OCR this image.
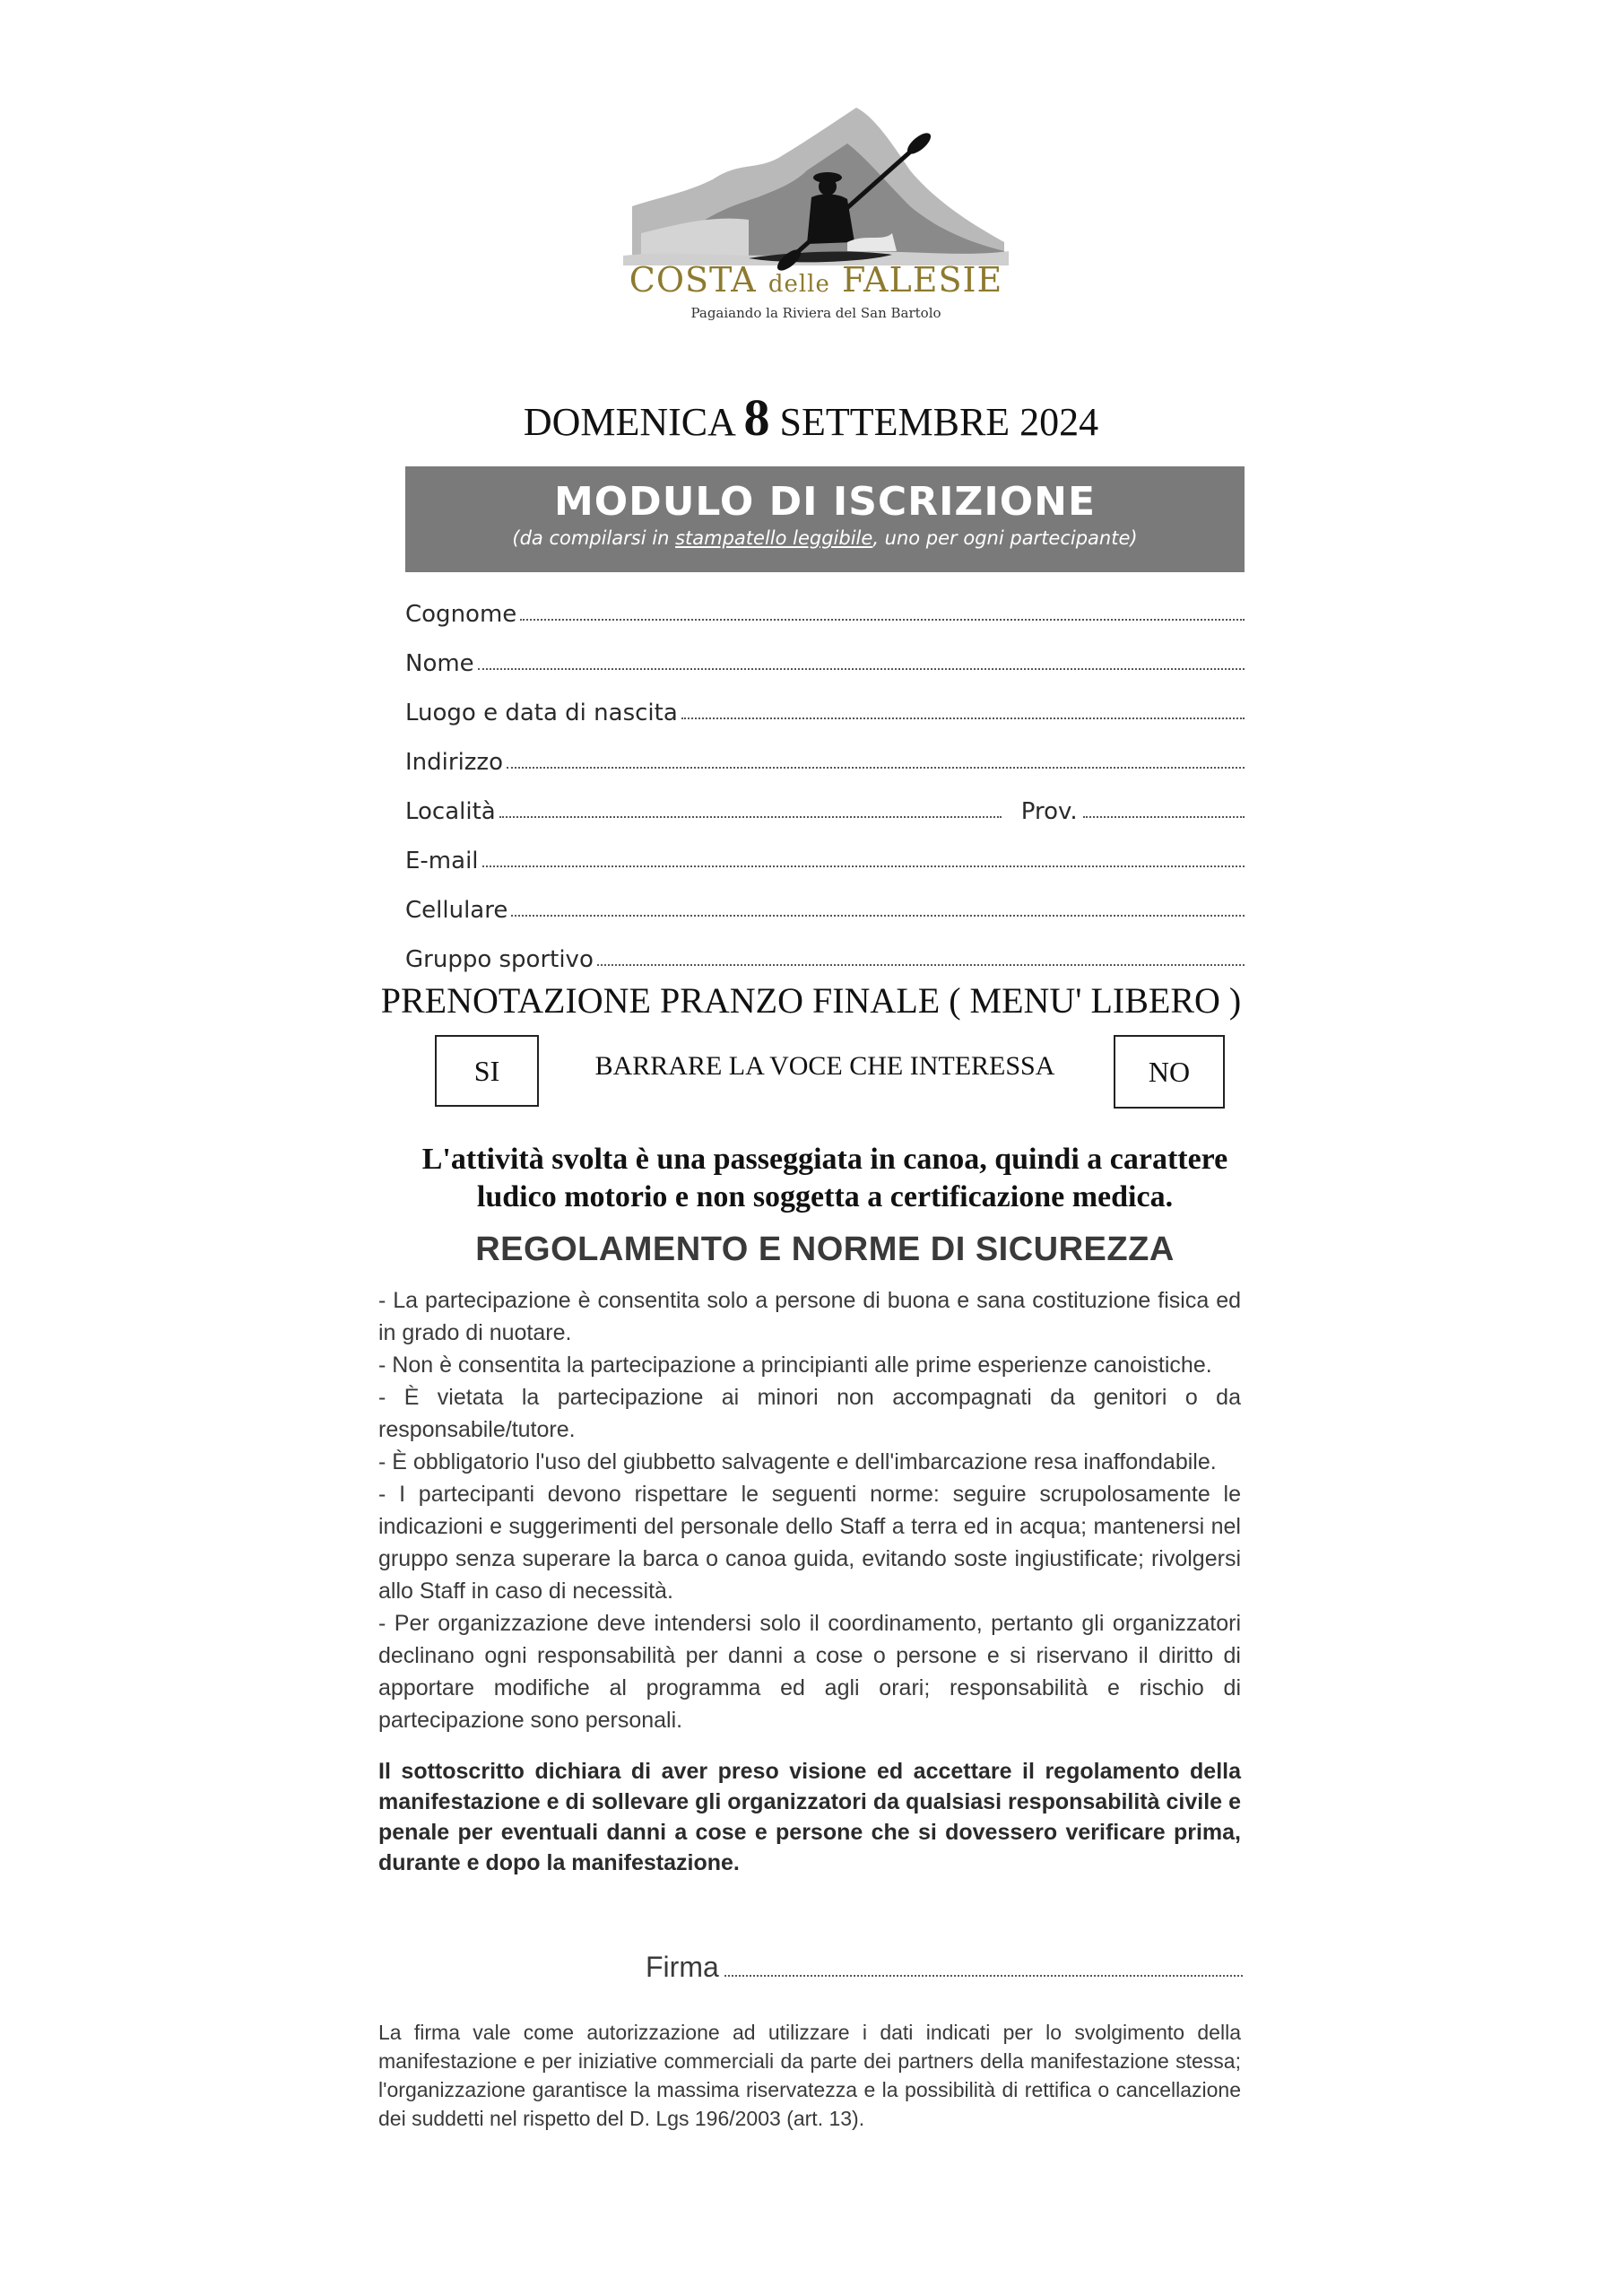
COSTA delle FALESIE
Pagaiando la Riviera del San Bartolo
DOMENICA 8 SETTEMBRE 2024
MODULO DI ISCRIZIONE
(da compilarsi in stampatello leggibile, uno per ogni partecipante)
Cognome
Nome
Luogo e data di nascita
Indirizzo
Località	Prov.
E-mail
Cellulare
Gruppo sportivo
PRENOTAZIONE PRANZO FINALE ( MENU' LIBERO )
SI	BARRARE LA VOCE CHE INTERESSA	NO
L'attività svolta è una passeggiata in canoa, quindi a carattere
ludico motorio e non soggetta a certificazione medica.
REGOLAMENTO E NORME DI SICUREZZA

- La partecipazione è consentita solo a persone di buona e sana costituzione fisica ed in grado di nuotare.

- Non è consentita la partecipazione a principianti alle prime esperienze canoistiche.

- È vietata la partecipazione ai minori non accompagnati da genitori o da responsabile/tutore.

- È obbligatorio l'uso del giubbetto salvagente e dell'imbarcazione resa inaffondabile.

- I partecipanti devono rispettare le seguenti norme: seguire scrupolosamente le indicazioni e suggerimenti del personale dello Staff a terra ed in acqua; mantenersi nel gruppo senza superare la barca o canoa guida, evitando soste ingiustificate; rivolgersi allo Staff in caso di necessità.

- Per organizzazione deve intendersi solo il coordinamento, pertanto gli organizzatori declinano ogni responsabilità per danni a cose o persone e si riservano il diritto di apportare modifiche al programma ed agli orari; responsabilità e rischio di partecipazione sono personali.

Il sottoscritto dichiara di aver preso visione ed accettare il regolamento della manifestazione e di sollevare gli organizzatori da qualsiasi responsabilità civile e penale per eventuali danni a cose e persone che si dovessero verificare prima, durante e dopo la manifestazione.
Firma
La firma vale come autorizzazione ad utilizzare i dati indicati per lo svolgimento della manifestazione e per iniziative commerciali da parte dei partners della manifestazione stessa; l'organizzazione garantisce la massima riservatezza e la possibilità di rettifica o cancellazione dei suddetti nel rispetto del D. Lgs 196/2003 (art. 13).
